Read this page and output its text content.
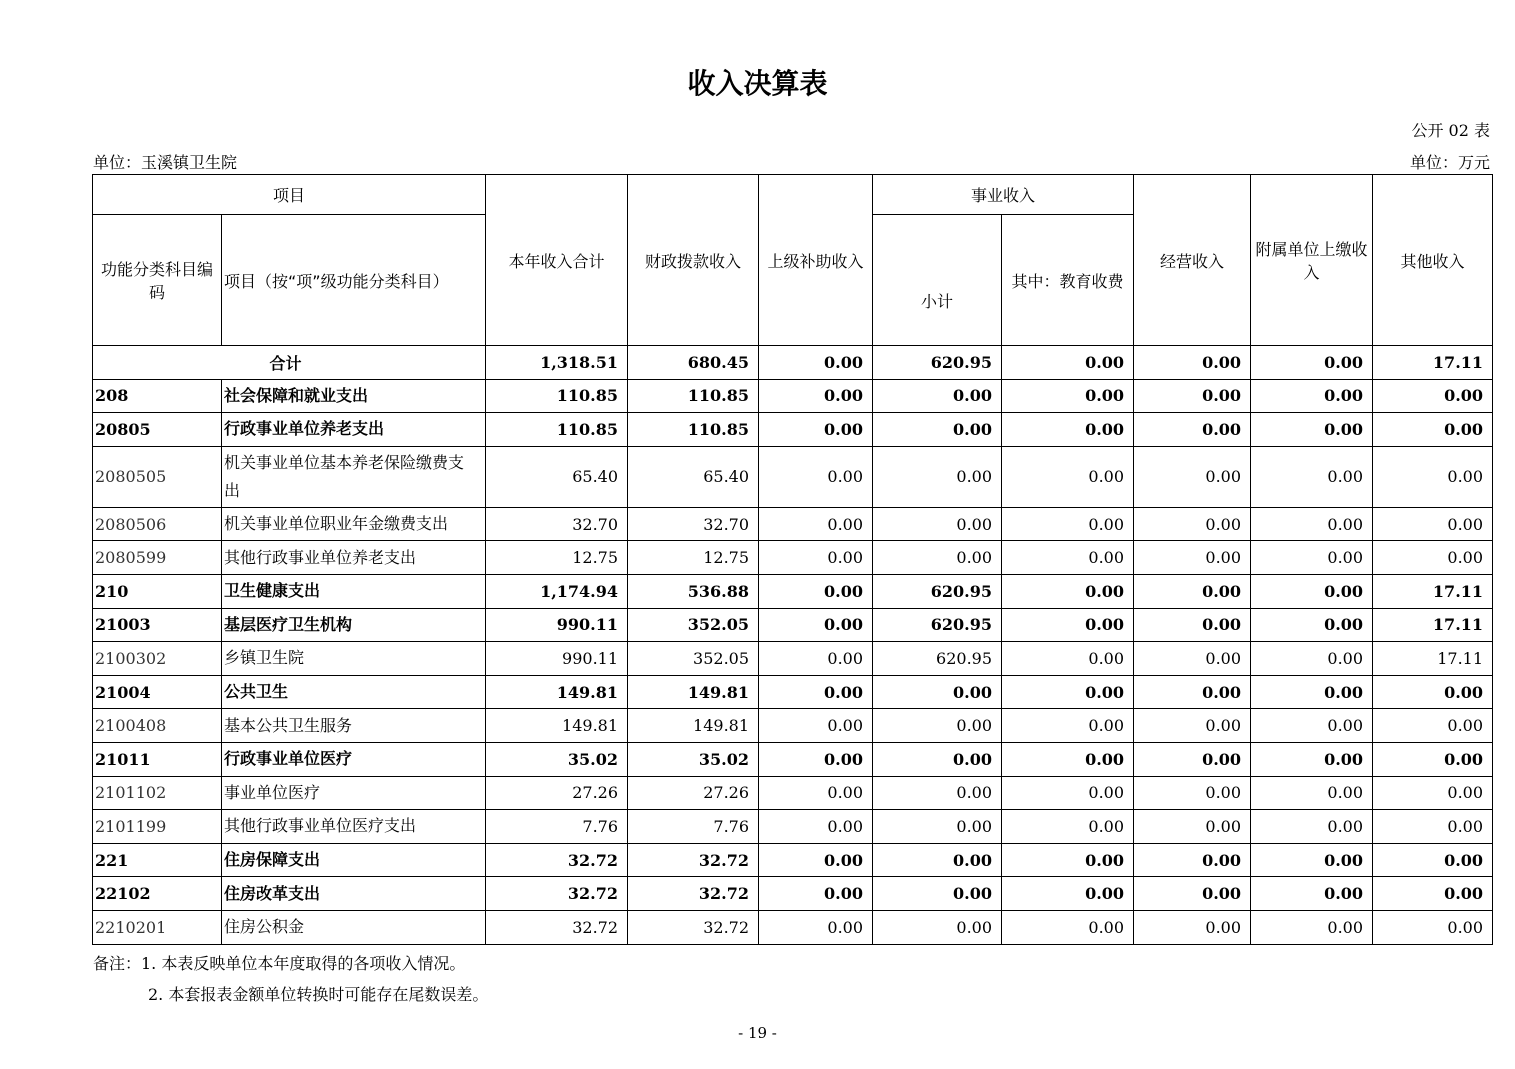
收入决算表
公开 02 表
单位：玉溪镇卫生院	单位：万元
项目		本年收入合计	财政拨款收入	上级补助收入	事业收入		经营收入	附属单位上缴收入	其他收入
功能分类科目编码	项目（按“项”级功能分类科目）				小计	其中：教育收费			
合计		1,318.51	680.45	0.00	620.95	0.00	0.00	0.00	17.11
208	社会保障和就业支出	110.85	110.85	0.00	0.00	0.00	0.00	0.00	0.00
20805	行政事业单位养老支出	110.85	110.85	0.00	0.00	0.00	0.00	0.00	0.00
2080505	机关事业单位基本养老保险缴费支出	65.40	65.40	0.00	0.00	0.00	0.00	0.00	0.00
2080506	机关事业单位职业年金缴费支出	32.70	32.70	0.00	0.00	0.00	0.00	0.00	0.00
2080599	其他行政事业单位养老支出	12.75	12.75	0.00	0.00	0.00	0.00	0.00	0.00
210	卫生健康支出	1,174.94	536.88	0.00	620.95	0.00	0.00	0.00	17.11
21003	基层医疗卫生机构	990.11	352.05	0.00	620.95	0.00	0.00	0.00	17.11
2100302	乡镇卫生院	990.11	352.05	0.00	620.95	0.00	0.00	0.00	17.11
21004	公共卫生	149.81	149.81	0.00	0.00	0.00	0.00	0.00	0.00
2100408	基本公共卫生服务	149.81	149.81	0.00	0.00	0.00	0.00	0.00	0.00
21011	行政事业单位医疗	35.02	35.02	0.00	0.00	0.00	0.00	0.00	0.00
2101102	事业单位医疗	27.26	27.26	0.00	0.00	0.00	0.00	0.00	0.00
2101199	其他行政事业单位医疗支出	7.76	7.76	0.00	0.00	0.00	0.00	0.00	0.00
221	住房保障支出	32.72	32.72	0.00	0.00	0.00	0.00	0.00	0.00
22102	住房改革支出	32.72	32.72	0.00	0.00	0.00	0.00	0.00	0.00
2210201	住房公积金	32.72	32.72	0.00	0.00	0.00	0.00	0.00	0.00
备注：1. 本表反映单位本年度取得的各项收入情况。
2. 本套报表金额单位转换时可能存在尾数误差。
- 19 -
